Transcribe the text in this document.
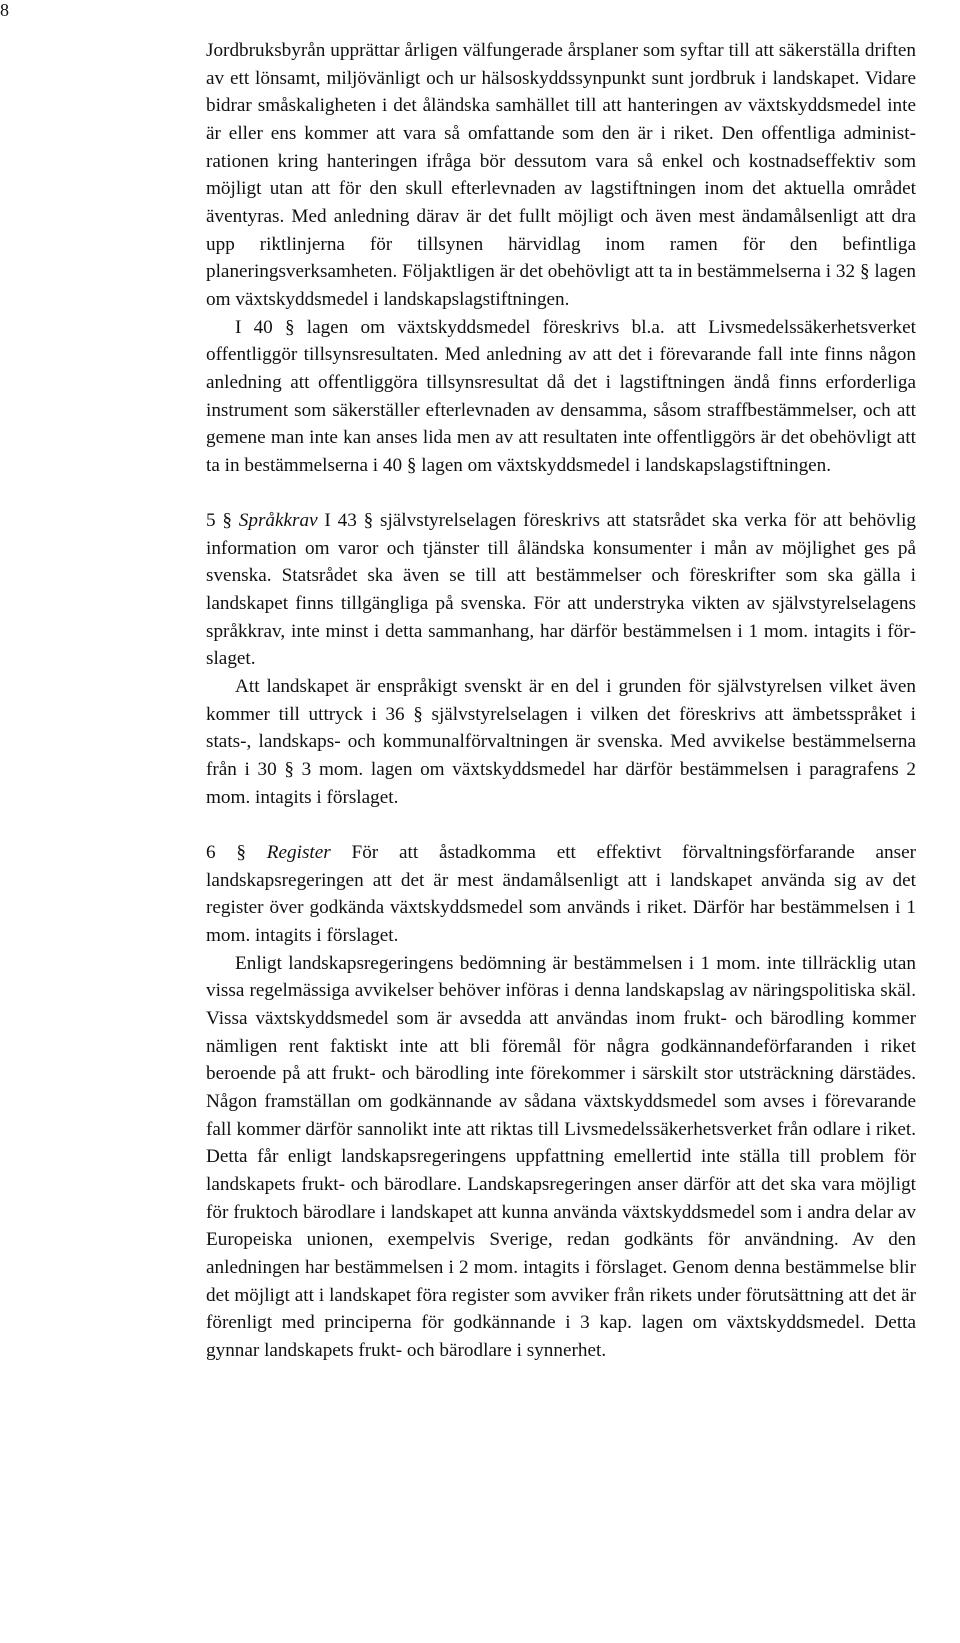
8

Jordbruksbyrån upprättar årligen välfungerade årsplaner som syftar till att säkerställa driften av ett lönsamt, miljövänligt och ur hälsoskyddssynpunkt sunt jordbruk i landskapet. Vidare bidrar småskaligheten i det åländska samhället till att hanteringen av växtskyddsmedel inte är eller ens kommer att vara så omfattande som den är i riket. Den offentliga administrationen kring hanteringen ifråga bör dessutom vara så enkel och kostnadseffektiv som möjligt utan att för den skull efterlevnaden av lagstiftningen inom det aktuella området äventyras. Med anledning därav är det fullt möjligt och även mest ändamålsenligt att dra upp riktlinjerna för tillsynen härvidlag inom ramen för den befintliga planeringsverksamheten. Följaktligen är det obehövligt att ta in bestämmelserna i 32 § lagen om växtskyddsmedel i landskapslagstiftningen.

I 40 § lagen om växtskyddsmedel föreskrivs bl.a. att Livsmedelssäkerhetsverket offentliggör tillsynsresultaten. Med anledning av att det i förevarande fall inte finns någon anledning att offentliggöra tillsynsresultat då det i lagstiftningen ändå finns erforderliga instrument som säkerställer efterlevnaden av densamma, såsom straffbestämmelser, och att gemene man inte kan anses lida men av att resultaten inte offentliggörs är det obehövligt att ta in bestämmelserna i 40 § lagen om växtskyddsmedel i landskapslagstiftningen.

5 § Språkkrav I 43 § självstyrelselagen föreskrivs att statsrådet ska verka för att behövlig information om varor och tjänster till åländska konsumenter i mån av möjlighet ges på svenska. Statsrådet ska även se till att bestämmelser och föreskrifter som ska gälla i landskapet finns tillgängliga på svenska. För att understryka vikten av självstyrelselagens språkkrav, inte minst i detta sammanhang, har därför bestämmelsen i 1 mom. intagits i förslaget.

Att landskapet är enspråkigt svenskt är en del i grunden för självstyrelsen vilket även kommer till uttryck i 36 § självstyrelselagen i vilken det föreskrivs att ämbetsspråket i stats-, landskaps- och kommunalförvaltningen är svenska. Med avvikelse bestämmelserna från i 30 § 3 mom. lagen om växtskyddsmedel har därför bestämmelsen i paragrafens 2 mom. intagits i förslaget.

6 § Register För att åstadkomma ett effektivt förvaltningsförfarande anser landskapsregeringen att det är mest ändamålsenligt att i landskapet använda sig av det register över godkända växtskyddsmedel som används i riket. Därför har bestämmelsen i 1 mom. intagits i förslaget.

Enligt landskapsregeringens bedömning är bestämmelsen i 1 mom. inte tillräcklig utan vissa regelmässiga avvikelser behöver införas i denna landskapslag av näringspolitiska skäl. Vissa växtskyddsmedel som är avsedda att användas inom frukt- och bärodling kommer nämligen rent faktiskt inte att bli föremål för några godkännandeförfaranden i riket beroende på att frukt- och bärodling inte förekommer i särskilt stor utsträckning därstädes. Någon framställan om godkännande av sådana växtskyddsmedel som avses i förevarande fall kommer därför sannolikt inte att riktas till Livsmedelssäkerhetsverket från odlare i riket. Detta får enligt landskapsregeringens uppfattning emellertid inte ställa till problem för landskapets frukt- och bärodlare. Landskapsregeringen anser därför att det ska vara möjligt för fruktoch bärodlare i landskapet att kunna använda växtskyddsmedel som i andra delar av Europeiska unionen, exempelvis Sverige, redan godkänts för användning. Av den anledningen har bestämmelsen i 2 mom. intagits i förslaget. Genom denna bestämmelse blir det möjligt att i landskapet föra register som avviker från rikets under förutsättning att det är förenligt med principerna för godkännande i 3 kap. lagen om växtskyddsmedel. Detta gynnar landskapets frukt- och bärodlare i synnerhet.
